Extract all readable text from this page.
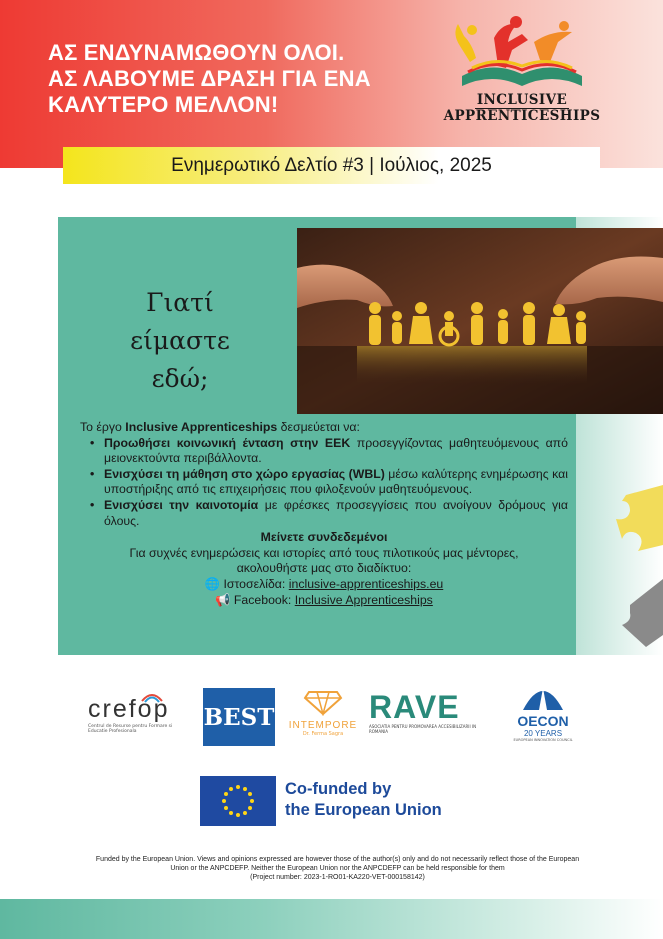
ΑΣ ΕΝΔΥΝΑΜΩΘΟΥΝ ΟΛΟΙ.
ΑΣ ΛΑΒΟΥΜΕ ΔΡΑΣΗ ΓΙΑ ΕΝΑ
ΚΑΛΥΤΕΡΟ ΜΕΛΛΟΝ!	INCLUSIVE
APPRENTICESHIPS
Ενημερωτικό Δελτίο #3 | Ιούλιος, 2025
Γιατί
είμαστε
εδώ;
Το έργο Inclusive Apprenticeships δεσμεύεται να:
• Προωθήσει κοινωνική ένταση στην ΕΕΚ προσεγγίζοντας μαθητευόμενους από μειονεκτούντα περιβάλλοντα.
• Ενισχύσει τη μάθηση στο χώρο εργασίας (WBL) μέσω καλύτερης ενημέρωσης και υποστήριξης από τις επιχειρήσεις που φιλοξενούν μαθητευόμενους.
• Ενισχύσει την καινοτομία με φρέσκες προσεγγίσεις που ανοίγουν δρόμους για όλους.
Μείνετε συνδεδεμένοι
Για συχνές ενημερώσεις και ιστορίες από τους πιλοτικούς μας μέντορες,
ακολουθήστε μας στο διαδίκτυο:
🌐 Ιστοσελίδα: inclusive-apprenticeships.eu
📢 Facebook: Inclusive Apprenticeships
crefop
Centrul de Resurse pentru Formare si Educatie Profesionala
BEST	INTEMPORE
Dr. Ferma Sagra
RAVE
ASOCIATIA PENTRU PROMOVAREA ACCESIBILIZARII IN ROMANIA
OECON
20 YEARS
EUROPEAN INNOVATION COUNCIL
Co-funded by
the European Union
Funded by the European Union. Views and opinions expressed are however those of the author(s) only and do not necessarily reflect those of the European
Union or the ANPCDEFP. Neither the European Union nor the ANPCDEFP can be held responsible for them
(Project number: 2023-1-RO01-KA220-VET-000158142)
